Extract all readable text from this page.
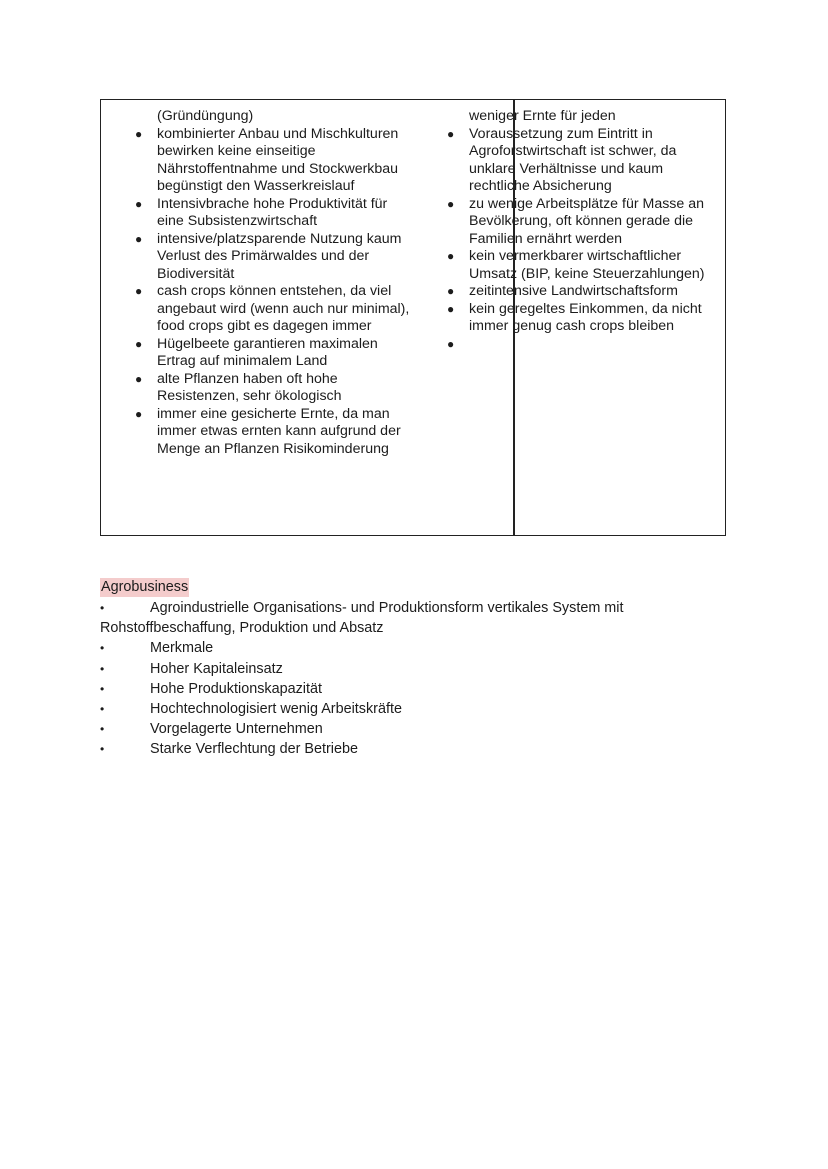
(Gründüngung)

● kombinierter Anbau und Mischkulturen bewirken keine einseitige Nährstoffentnahme und Stockwerkbau begünstigt den Wasserkreislauf
● Intensivbrache hohe Produktivität für eine Subsistenzwirtschaft
● intensive/platzsparende Nutzung kaum Verlust des Primärwaldes und der Biodiversität
● cash crops können entstehen, da viel angebaut wird (wenn auch nur minimal), food crops gibt es dagegen immer
● Hügelbeete garantieren maximalen Ertrag auf minimalem Land
● alte Pflanzen haben oft hohe Resistenzen, sehr ökologisch
● immer eine gesicherte Ernte, da man immer etwas ernten kann aufgrund der Menge an Pflanzen Risikominderung

weniger Ernte für jeden

● Voraussetzung zum Eintritt in Agroforstwirtschaft ist schwer, da unklare Verhältnisse und kaum rechtliche Absicherung
● zu wenige Arbeitsplätze für Masse an Bevölkerung, oft können gerade die Familien ernährt werden
● kein vermerkbarer wirtschaftlicher Umsatz (BIP, keine Steuerzahlungen)
● zeitintensive Landwirtschaftsform
● kein geregeltes Einkommen, da nicht immer genug cash crops bleiben
●

Agrobusiness
•	Agroindustrielle Organisations- und Produktionsform vertikales System mit
Rohstoffbeschaffung, Produktion und Absatz
•	Merkmale
•	Hoher Kapitaleinsatz
•	Hohe Produktionskapazität
•	Hochtechnologisiert wenig Arbeitskräfte
•	Vorgelagerte Unternehmen
•	Starke Verflechtung der Betriebe
